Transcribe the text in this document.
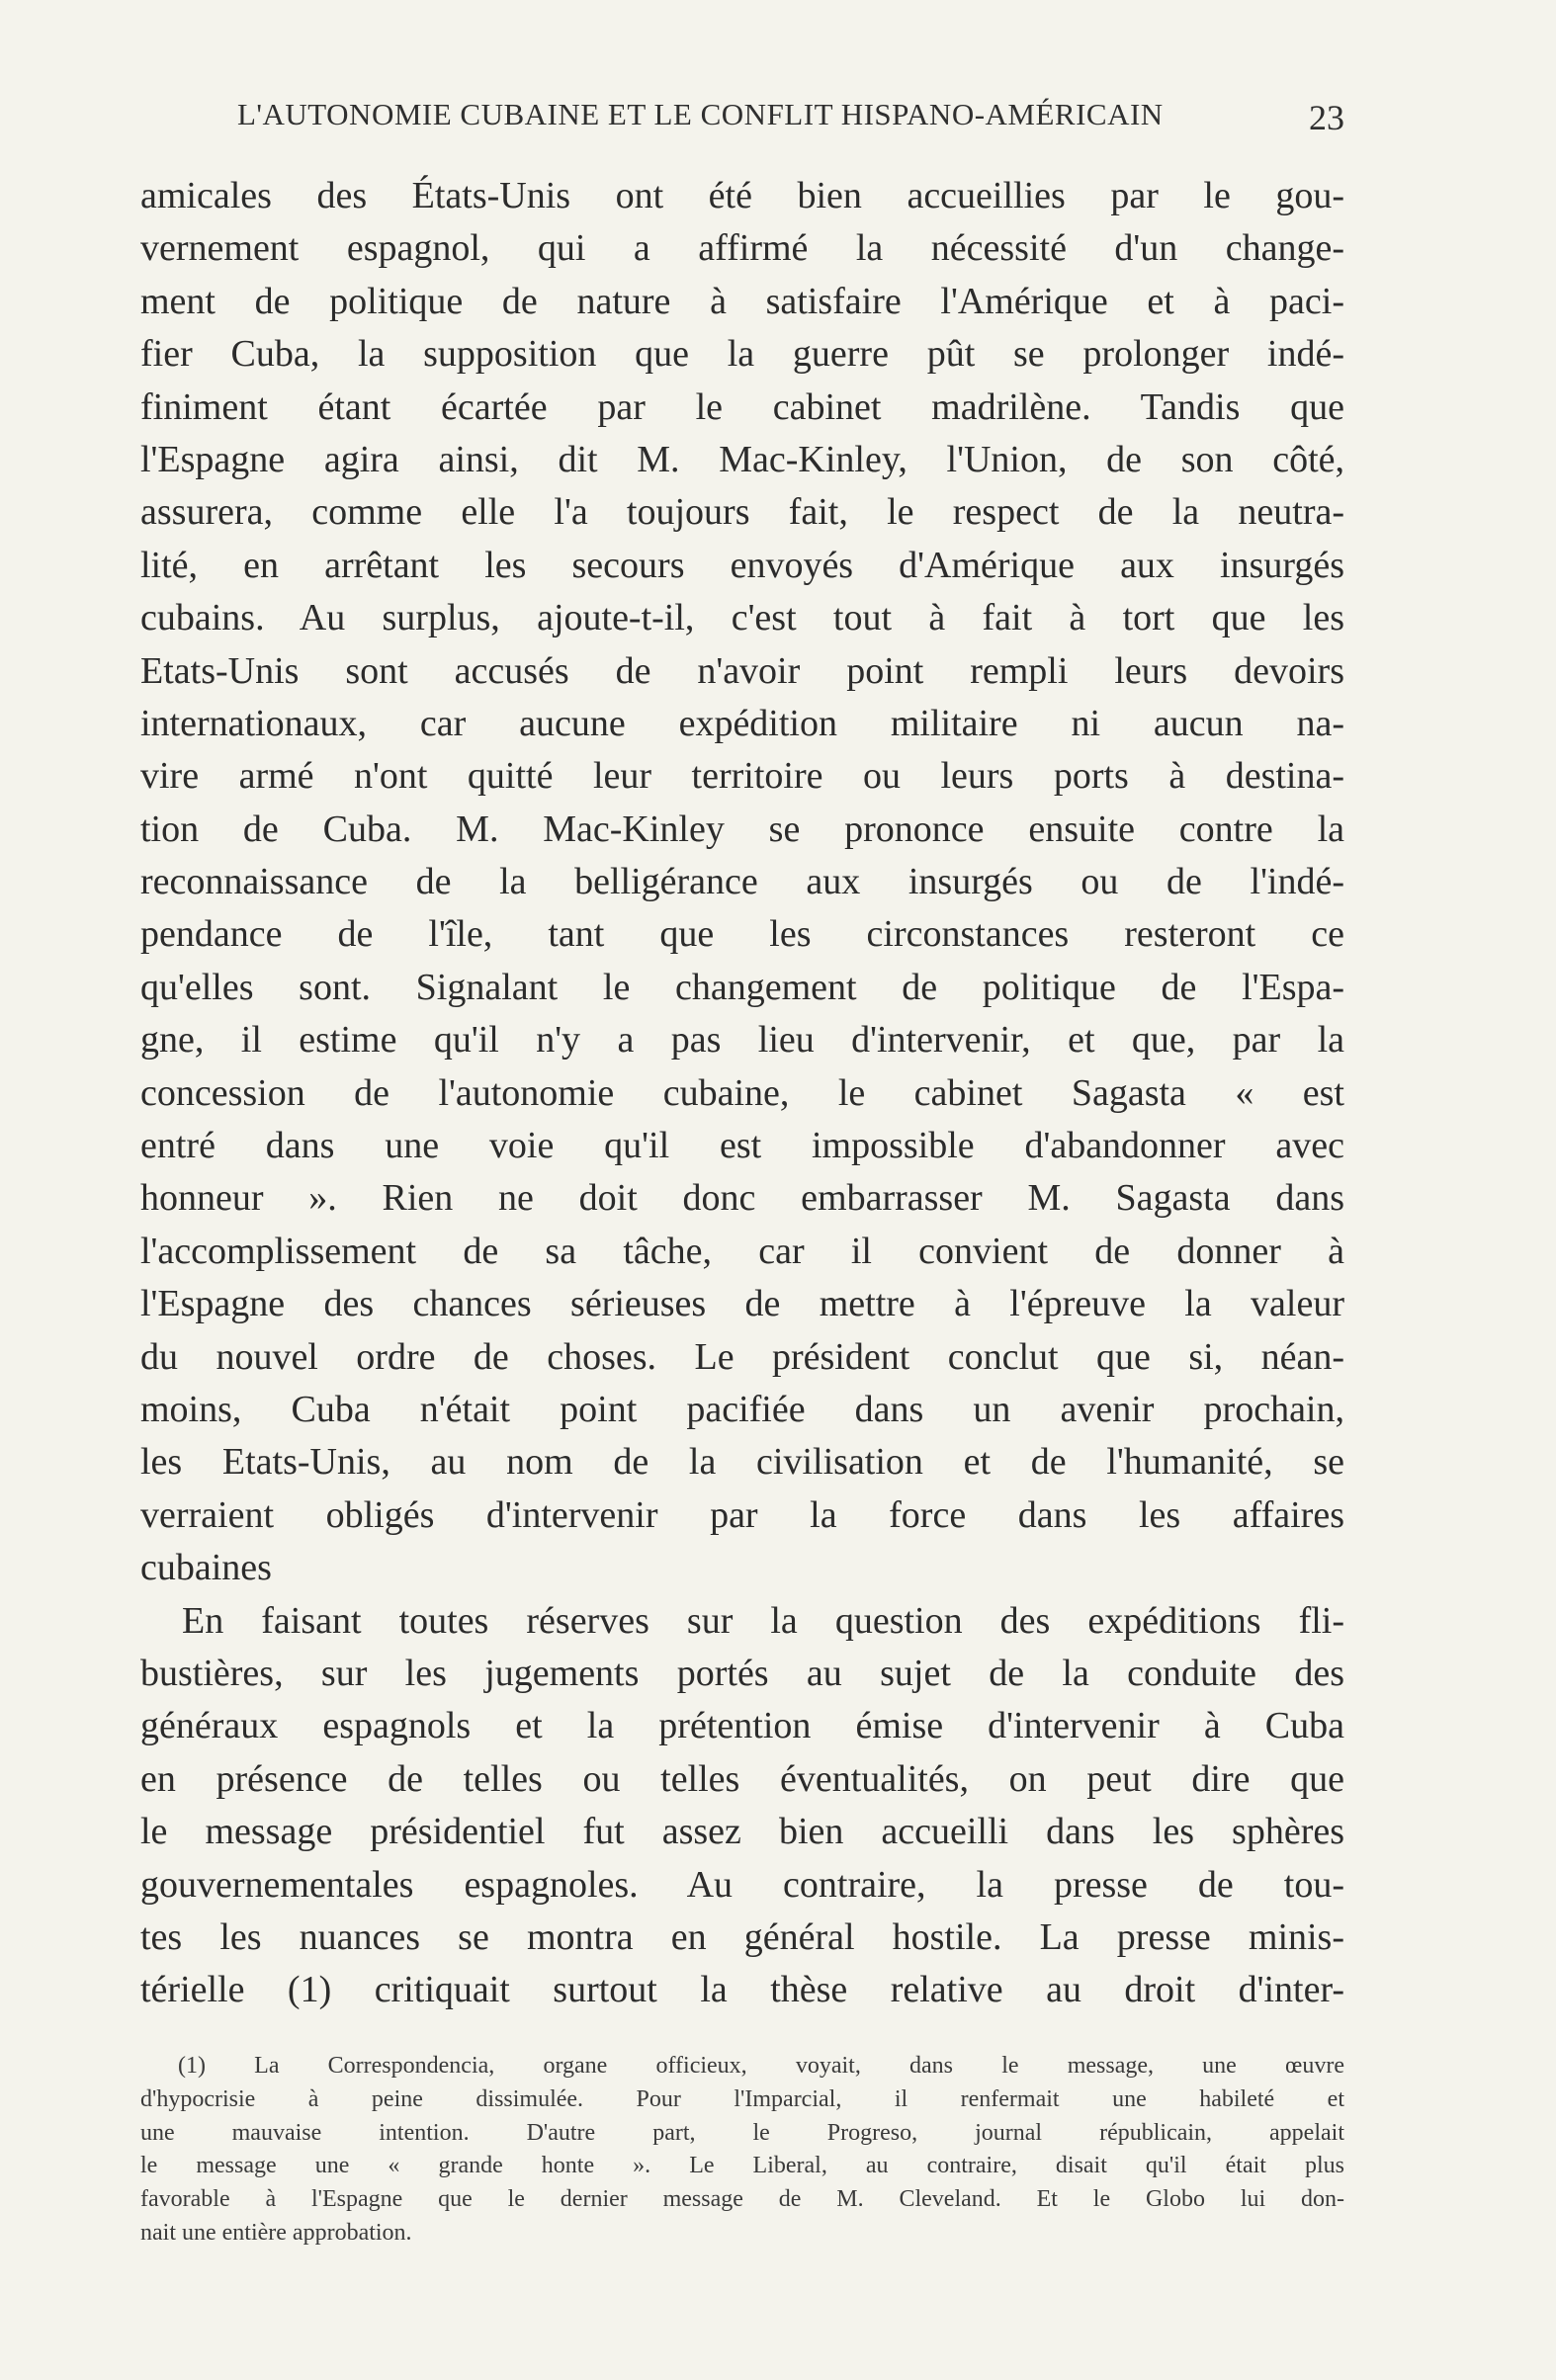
L'AUTONOMIE CUBAINE ET LE CONFLIT HISPANO-AMÉRICAIN	23
amicales des États-Unis ont été bien accueillies par le gou-
vernement espagnol, qui a affirmé la nécessité d'un change-
ment de politique de nature à satisfaire l'Amérique et à paci-
fier Cuba, la supposition que la guerre pût se prolonger indé-
finiment étant écartée par le cabinet madrilène. Tandis que
l'Espagne agira ainsi, dit M. Mac-Kinley, l'Union, de son côté,
assurera, comme elle l'a toujours fait, le respect de la neutra-
lité, en arrêtant les secours envoyés d'Amérique aux insurgés
cubains. Au surplus, ajoute-t-il, c'est tout à fait à tort que les
Etats-Unis sont accusés de n'avoir point rempli leurs devoirs
internationaux, car aucune expédition militaire ni aucun na-
vire armé n'ont quitté leur territoire ou leurs ports à destina-
tion de Cuba. M. Mac-Kinley se prononce ensuite contre la
reconnaissance de la belligérance aux insurgés ou de l'indé-
pendance de l'île, tant que les circonstances resteront ce
qu'elles sont. Signalant le changement de politique de l'Espa-
gne, il estime qu'il n'y a pas lieu d'intervenir, et que, par la
concession de l'autonomie cubaine, le cabinet Sagasta « est
entré dans une voie qu'il est impossible d'abandonner avec
honneur ». Rien ne doit donc embarrasser M. Sagasta dans
l'accomplissement de sa tâche, car il convient de donner à
l'Espagne des chances sérieuses de mettre à l'épreuve la valeur
du nouvel ordre de choses. Le président conclut que si, néan-
moins, Cuba n'était point pacifiée dans un avenir prochain,
les Etats-Unis, au nom de la civilisation et de l'humanité, se
verraient obligés d'intervenir par la force dans les affaires
cubaines
En faisant toutes réserves sur la question des expéditions fli-
bustières, sur les jugements portés au sujet de la conduite des
généraux espagnols et la prétention émise d'intervenir à Cuba
en présence de telles ou telles éventualités, on peut dire que
le message présidentiel fut assez bien accueilli dans les sphères
gouvernementales espagnoles. Au contraire, la presse de tou-
tes les nuances se montra en général hostile. La presse minis-
térielle (1) critiquait surtout la thèse relative au droit d'inter-
(1) La Correspondencia, organe officieux, voyait, dans le message, une œuvre
d'hypocrisie à peine dissimulée. Pour l'Imparcial, il renfermait une habileté et
une mauvaise intention. D'autre part, le Progreso, journal républicain, appelait
le message une « grande honte ». Le Liberal, au contraire, disait qu'il était plus
favorable à l'Espagne que le dernier message de M. Cleveland. Et le Globo lui don-
nait une entière approbation.
